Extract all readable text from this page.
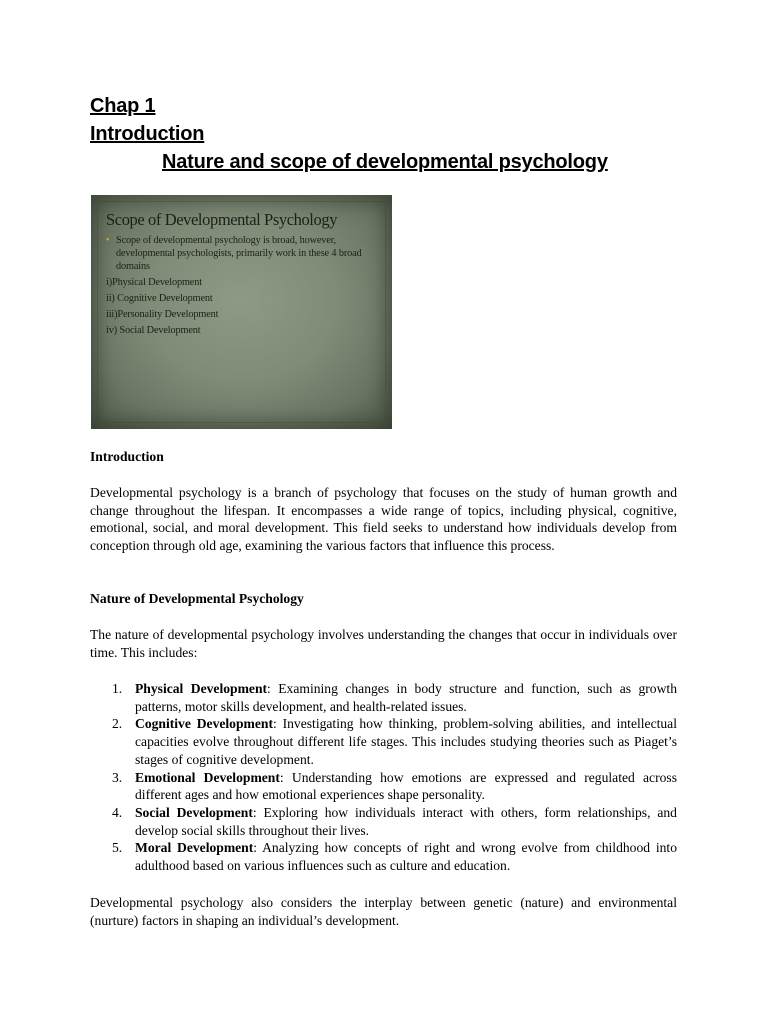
Chap 1
Introduction
Nature and scope of developmental psychology
Scope of Developmental Psychology
• Scope of developmental psychology is broad, however, developmental psychologists, primarily work in these 4 broad domains
i)Physical Development
ii) Cognitive Development
iii)Personality Development
iv) Social Development

Introduction

Developmental psychology is a branch of psychology that focuses on the study of human growth and change throughout the lifespan. It encompasses a wide range of topics, including physical, cognitive, emotional, social, and moral development. This field seeks to understand how individuals develop from conception through old age, examining the various factors that influence this process.

Nature of Developmental Psychology

The nature of developmental psychology involves understanding the changes that occur in individuals over time. This includes:

1. Physical Development: Examining changes in body structure and function, such as growth patterns, motor skills development, and health-related issues.
2. Cognitive Development: Investigating how thinking, problem-solving abilities, and intellectual capacities evolve throughout different life stages. This includes studying theories such as Piaget’s stages of cognitive development.
3. Emotional Development: Understanding how emotions are expressed and regulated across different ages and how emotional experiences shape personality.
4. Social Development: Exploring how individuals interact with others, form relationships, and develop social skills throughout their lives.
5. Moral Development: Analyzing how concepts of right and wrong evolve from childhood into adulthood based on various influences such as culture and education.

Developmental psychology also considers the interplay between genetic (nature) and environmental (nurture) factors in shaping an individual’s development.
